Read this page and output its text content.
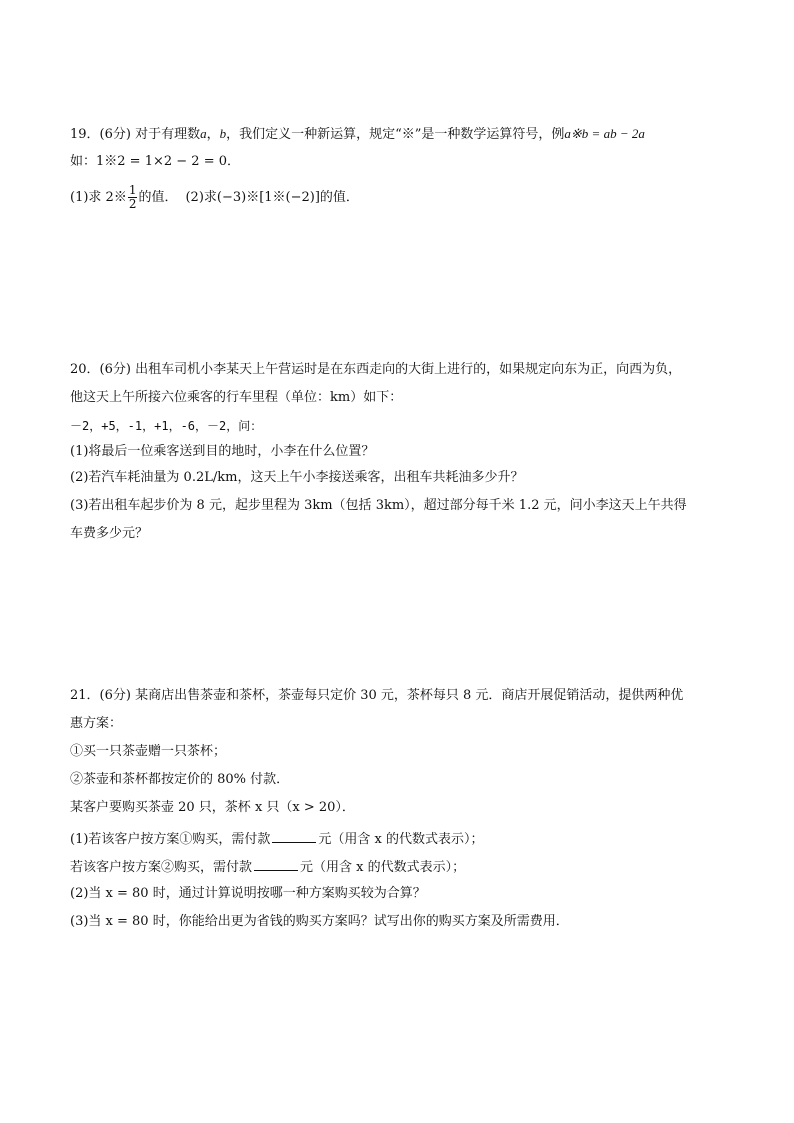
19．(6分) 对于有理数a，b，我们定义一种新运算，规定“※”是一种数学运算符号，例a※b = ab − 2a
如：1※2 = 1×2 − 2 = 0．
(1)求 2※ $\frac{1}{2}$ 的值． (2)求(−3)※[1※(−2)]的值．
20．(6分) 出租车司机小李某天上午营运时是在东西走向的大街上进行的，如果规定向东为正，向西为负，
他这天上午所接六位乘客的行车里程（单位：km）如下：
－2，+5，-1，+1，-6，－2，问：
(1)将最后一位乘客送到目的地时，小李在什么位置？
(2)若汽车耗油量为 0.2L/km，这天上午小李接送乘客，出租车共耗油多少升？
(3)若出租车起步价为 8 元，起步里程为 3km（包括 3km），超过部分每千米 1.2 元，问小李这天上午共得
车费多少元？
21．(6分) 某商店出售茶壶和茶杯，茶壶每只定价 30 元，茶杯每只 8 元．商店开展促销活动，提供两种优
惠方案：
①买一只茶壶赠一只茶杯；
②茶壶和茶杯都按定价的 80% 付款．
某客户要购买茶壶 20 只，茶杯 x 只（x > 20）．
(1)若该客户按方案①购买，需付款	元（用含 x 的代数式表示）；
若该客户按方案②购买，需付款	元（用含 x 的代数式表示）；
(2)当 x = 80 时，通过计算说明按哪一种方案购买较为合算？
(3)当 x = 80 时，你能给出更为省钱的购买方案吗？试写出你的购买方案及所需费用．
